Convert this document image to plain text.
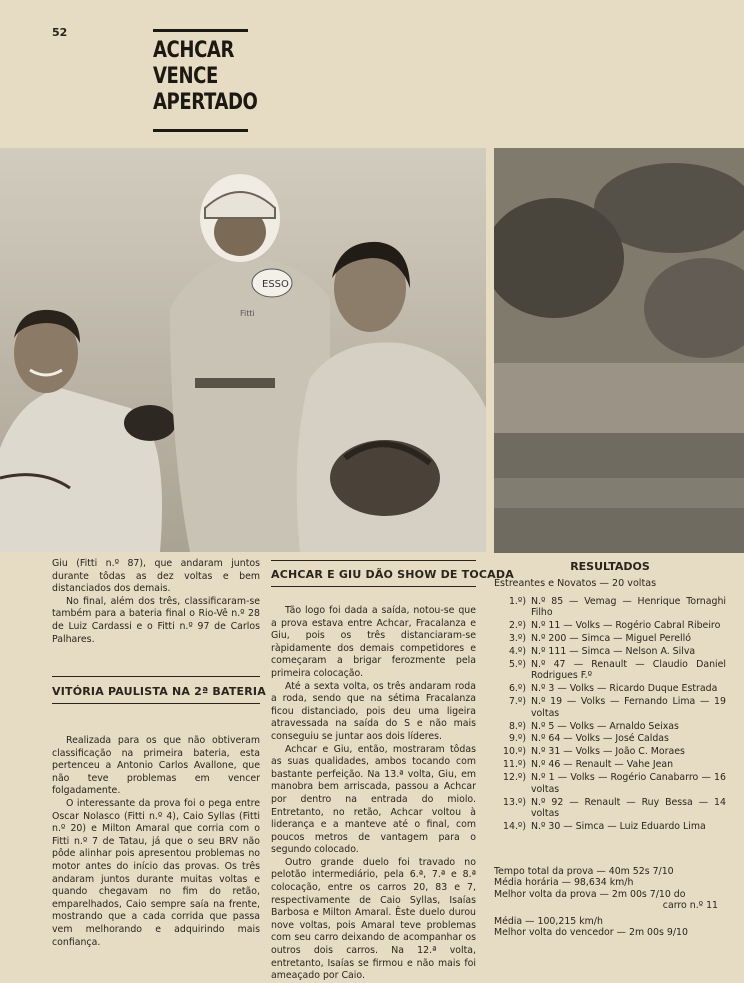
52
ACHCAR
VENCE
APERTADO
ESSO
Fitti

Giu (Fitti n.º 87), que andaram juntos durante tôdas as dez voltas e bem distanciados dos demais.

No final, além dos três, classificaram-se também para a bateria final o Rio-Vê n.º 28 de Luiz Cardassi e o Fitti n.º 97 de Carlos Palhares.

VITÓRIA PAULISTA NA 2ª BATERIA

Realizada para os que não obtiveram classificação na primeira bateria, esta pertenceu a Antonio Carlos Avallone, que não teve problemas em vencer folgadamente.

O interessante da prova foi o pega entre Oscar Nolasco (Fitti n.º 4), Caio Syllas (Fitti n.º 20) e Milton Amaral que corria com o Fitti n.º 7 de Tatau, já que o seu BRV não pôde alinhar pois apresentou problemas no motor antes do início das provas. Os três andaram juntos durante muitas voltas e quando chegavam no fim do retão, emparelhados, Caio sempre saía na frente, mostrando que a cada corrida que passa vem melhorando e adquirindo mais confiança.

ACHCAR E GIU DÃO SHOW DE TOCADA

Tão logo foi dada a saída, notou-se que a prova estava entre Achcar, Fracalanza e Giu, pois os três distanciaram-se ràpidamente dos demais competidores e começaram a brigar ferozmente pela primeira colocação.

Até a sexta volta, os três andaram roda a roda, sendo que na sétima Fracalanza ficou distanciado, pois deu uma ligeira atravessada na saída do S e não mais conseguiu se juntar aos dois líderes.

Achcar e Giu, então, mostraram tôdas as suas qualidades, ambos tocando com bastante perfeição. Na 13.ª volta, Giu, em manobra bem arriscada, passou a Achcar por dentro na entrada do miolo. Entretanto, no retão, Achcar voltou à liderança e a manteve até o final, com poucos metros de vantagem para o segundo colocado.

Outro grande duelo foi travado no pelotão intermediário, pela 6.ª, 7.ª e 8.ª colocação, entre os carros 20, 83 e 7, respectivamente de Caio Syllas, Isaías Barbosa e Milton Amaral. Êste duelo durou nove voltas, pois Amaral teve problemas com seu carro deixando de acompanhar os outros dois carros. Na 12.ª volta, entretanto, Isaías se firmou e não mais foi ameaçado por Caio.

RESULTADOS
Estreantes e Novatos — 20 voltas
1.º) N.º 85 — Vemag — Henrique Tornaghi Filho
2.º) N.º 11 — Volks — Rogério Cabral Ribeiro
3.º) N.º 200 — Simca — Miguel Perelló
4.º) N.º 111 — Simca — Nelson A. Silva
5.º) N.º 47 — Renault — Claudio Daniel Rodrigues F.º
6.º) N.º 3 — Volks — Ricardo Duque Estrada
7.º) N.º 19 — Volks — Fernando Lima — 19 voltas
8.º) N.º 5 — Volks — Arnaldo Seixas
9.º) N.º 64 — Volks — José Caldas
10.º) N.º 31 — Volks — João C. Moraes
11.º) N.º 46 — Renault — Vahe Jean
12.º) N.º 1 — Volks — Rogério Canabarro — 16 voltas
13.º) N.º 92 — Renault — Ruy Bessa — 14 voltas
14.º) N.º 30 — Simca — Luiz Eduardo Lima
Tempo total da prova — 40m 52s 7/10
Média horária — 98,634 km/h
Melhor volta da prova — 2m 00s 7/10 do
carro n.º 11
Média — 100,215 km/h
Melhor volta do vencedor — 2m 00s 9/10
